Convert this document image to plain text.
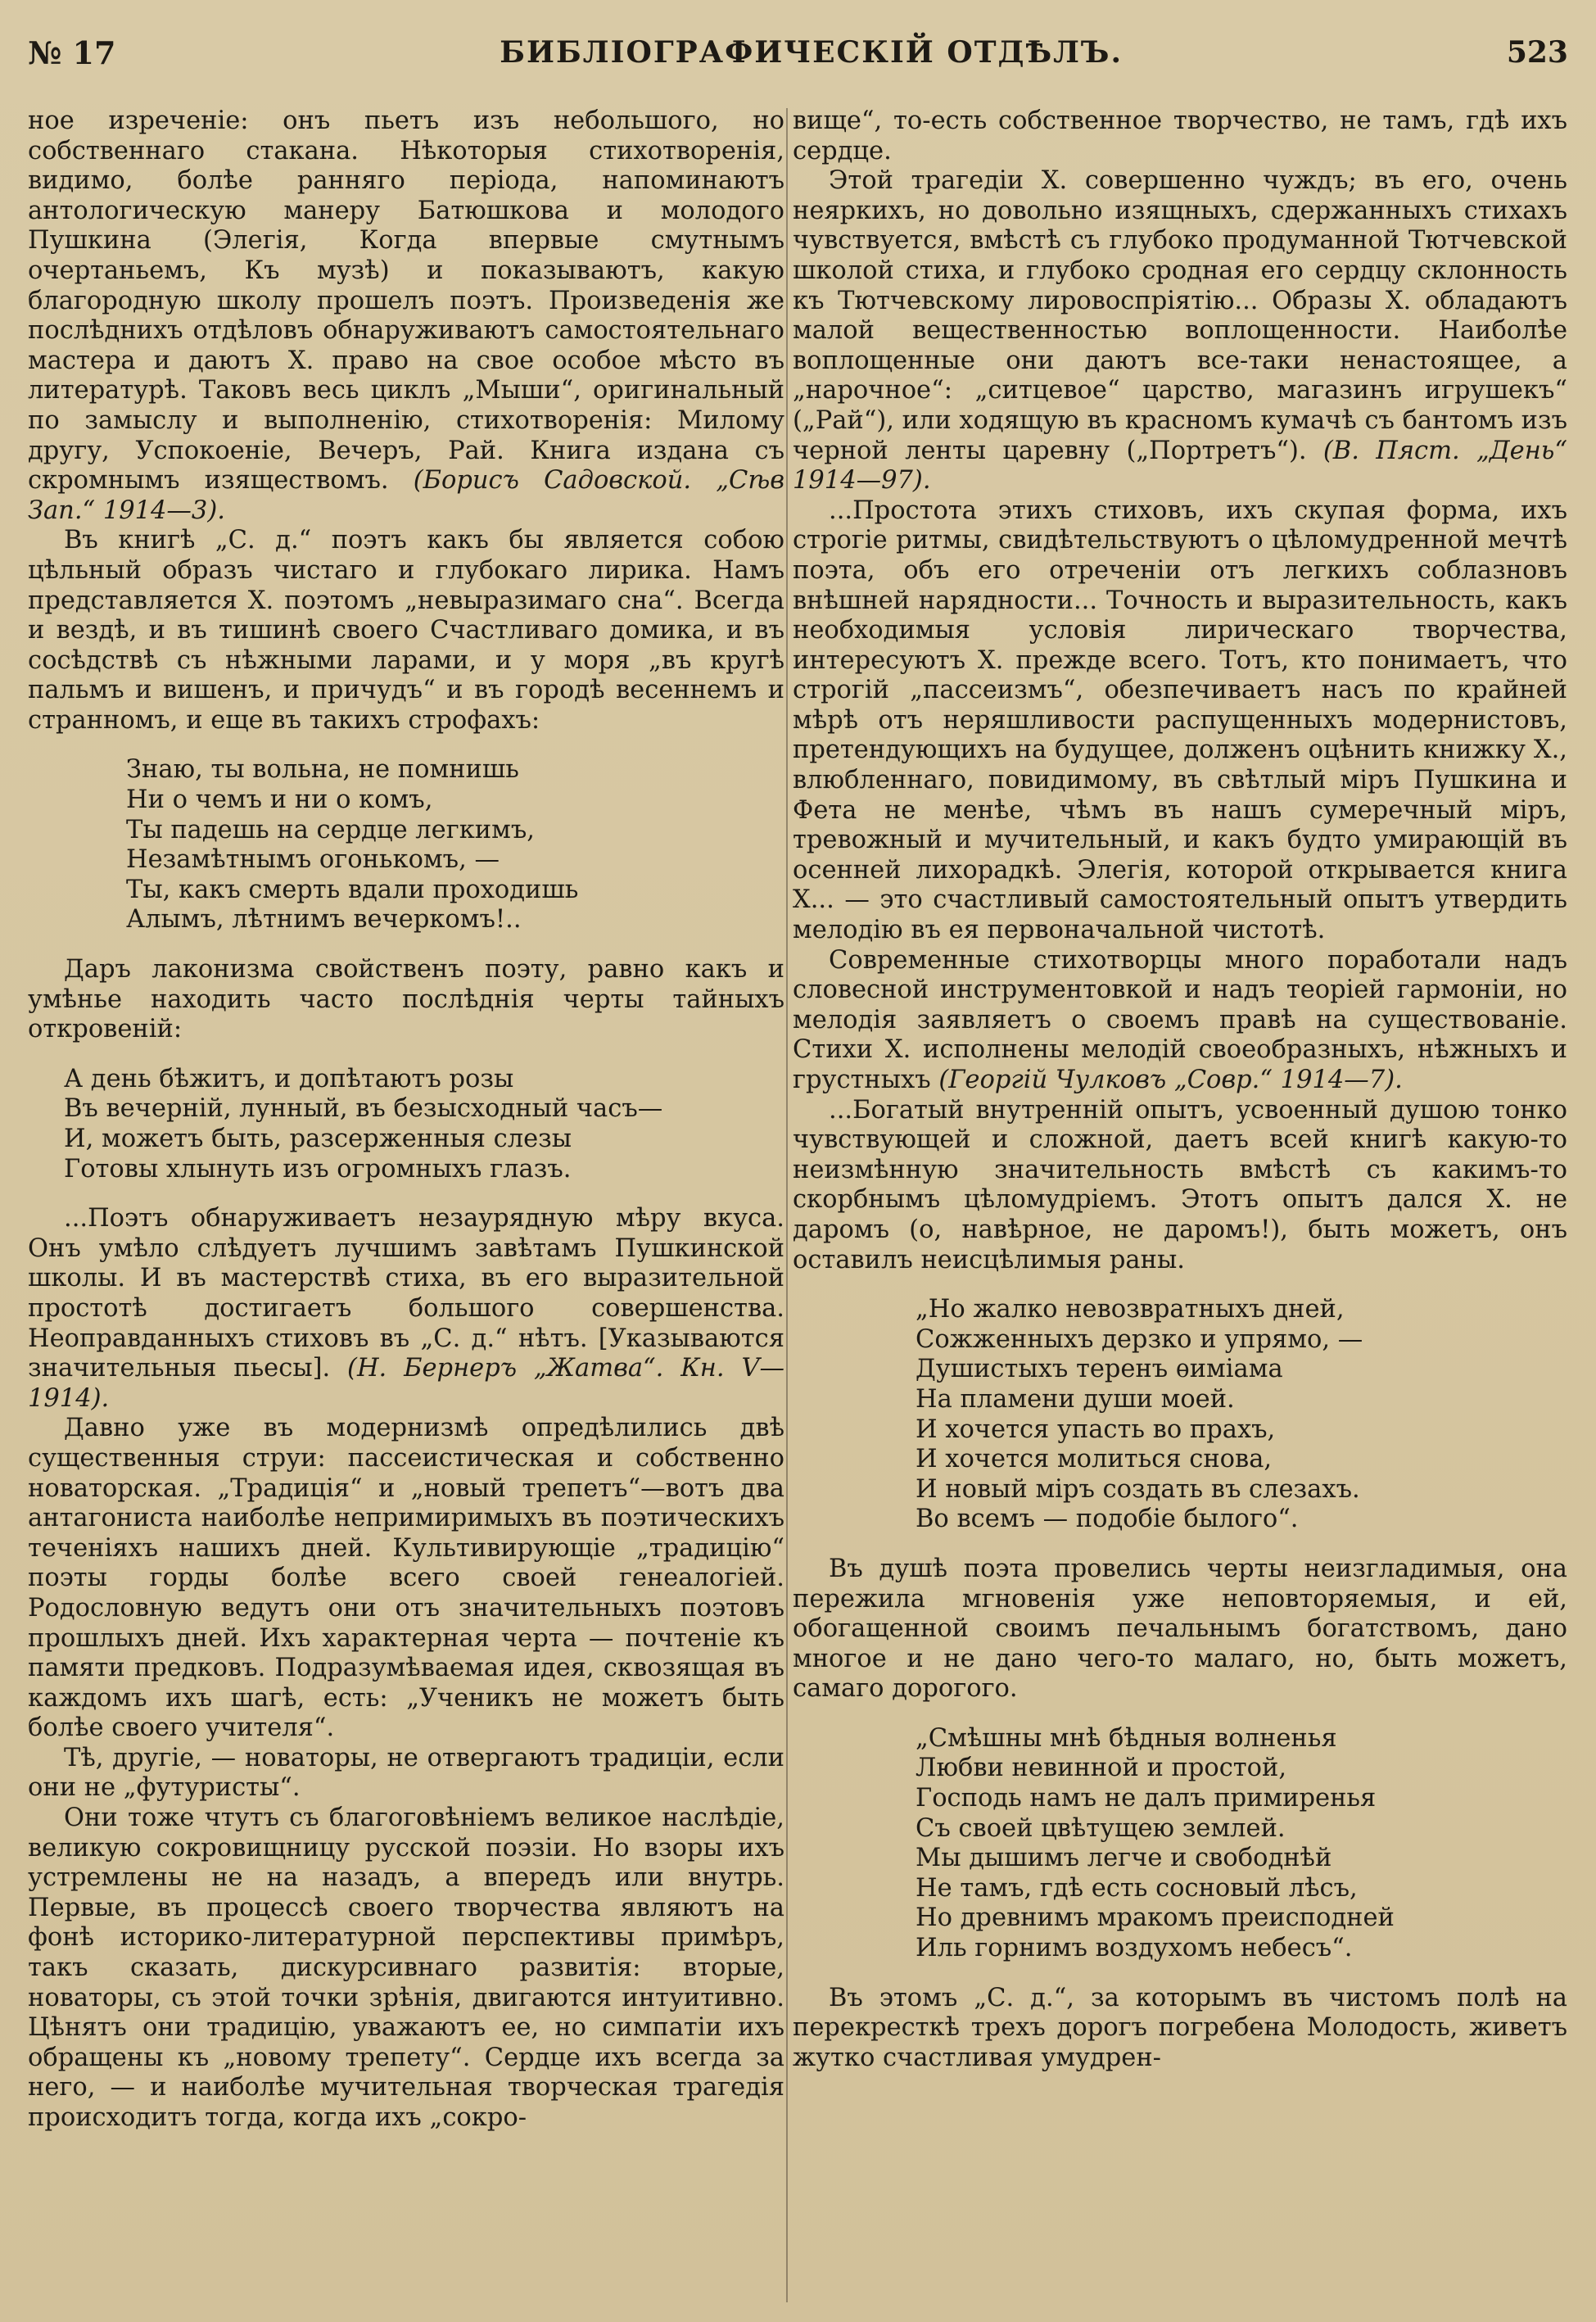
№ 17	БИБЛІОГРАФИЧЕСКІЙ ОТДѢЛЪ.	523

ное изреченіе: онъ пьетъ изъ небольшого, но собственнаго стакана. Нѣкоторыя стихотворенія, видимо, болѣе ранняго періода, напоминаютъ антологическую манеру Батюшкова и молодого Пушкина (Элегія, Когда впервые смутнымъ очертаньемъ, Къ музѣ) и показываютъ, какую благородную школу прошелъ поэтъ. Произведенія же послѣднихъ отдѣловъ обнаруживаютъ самостоятельнаго мастера и даютъ Х. право на свое особое мѣсто въ литературѣ. Таковъ весь циклъ „Мыши“, оригинальный по замыслу и выполненію, стихотворенія: Милому другу, Успокоеніе, Вечеръ, Рай. Книга издана съ скромнымъ изяществомъ. (Борисъ Садовской. „Сѣв Зап.“ 1914—3).

Въ книгѣ „С. д.“ поэтъ какъ бы является собою цѣльный образъ чистаго и глубокаго лирика. Намъ представляется Х. поэтомъ „невыразимаго сна“. Всегда и вездѣ, и въ тишинѣ своего Счастливаго домика, и въ сосѣдствѣ съ нѣжными ларами, и у моря „въ кругѣ пальмъ и вишенъ, и причудъ“ и въ городѣ весеннемъ и странномъ, и еще въ такихъ строфахъ:

Знаю, ты вольна, не помнишь
Ни о чемъ и ни о комъ,
Ты падешь на сердце легкимъ,
Незамѣтнымъ огонькомъ, —
Ты, какъ смерть вдали проходишь
Алымъ, лѣтнимъ вечеркомъ!..

Даръ лаконизма свойственъ поэту, равно какъ и умѣнье находить часто послѣднія черты тайныхъ откровеній:

А день бѣжитъ, и допѣтаютъ розы
Въ вечерній, лунный, въ безысходный часъ—
И, можетъ быть, разсерженныя слезы
Готовы хлынуть изъ огромныхъ глазъ.

...Поэтъ обнаруживаетъ незаурядную мѣру вкуса. Онъ умѣло слѣдуетъ лучшимъ завѣтамъ Пушкинской школы. И въ мастерствѣ стиха, въ его выразительной простотѣ достигаетъ большого совершенства. Неоправданныхъ стиховъ въ „С. д.“ нѣтъ. [Указываются значительныя пьесы]. (Н. Бернеръ „Жатва“. Кн. V—1914).

Давно уже въ модернизмѣ опредѣлились двѣ существенныя струи: пассеистическая и собственно новаторская. „Традиція“ и „новый трепетъ“—вотъ два антагониста наиболѣе непримиримыхъ въ поэтическихъ теченіяхъ нашихъ дней. Культивирующіе „традицію“ поэты горды болѣе всего своей генеалогіей. Родословную ведутъ они отъ значительныхъ поэтовъ прошлыхъ дней. Ихъ характерная черта — почтеніе къ памяти предковъ. Подразумѣваемая идея, сквозящая въ каждомъ ихъ шагѣ, есть: „Ученикъ не можетъ быть болѣе своего учителя“.

Тѣ, другіе, — новаторы, не отвергаютъ традиціи, если они не „футуристы“.

Они тоже чтутъ съ благоговѣніемъ великое наслѣдіе, великую сокровищницу русской поэзіи. Но взоры ихъ устремлены не на назадъ, а впередъ или внутрь. Первые, въ процессѣ своего творчества являютъ на фонѣ историко-литературной перспективы примѣръ, такъ сказать, дискурсивнаго развитія: вторые, новаторы, съ этой точки зрѣнія, двигаются интуитивно. Цѣнятъ они традицію, уважаютъ ее, но симпатіи ихъ обращены къ „новому трепету“. Сердце ихъ всегда за него, — и наиболѣе мучительная творческая трагедія происходитъ тогда, когда ихъ „сокро-

вище“, то-есть собственное творчество, не тамъ, гдѣ ихъ сердце.

Этой трагедіи Х. совершенно чуждъ; въ его, очень неяркихъ, но довольно изящныхъ, сдержанныхъ стихахъ чувствуется, вмѣстѣ съ глубоко продуманной Тютчевской школой стиха, и глубоко сродная его сердцу склонность къ Тютчевскому лировоспріятію... Образы Х. обладаютъ малой вещественностью воплощенности. Наиболѣе воплощенные они даютъ все-таки ненастоящее, а „нарочное“: „ситцевое“ царство, магазинъ игрушекъ“ („Рай“), или ходящую въ красномъ кумачѣ съ бантомъ изъ черной ленты царевну („Портретъ“). (В. Пяст. „День“ 1914—97).

...Простота этихъ стиховъ, ихъ скупая форма, ихъ строгіе ритмы, свидѣтельствуютъ о цѣломудренной мечтѣ поэта, объ его отреченіи отъ легкихъ соблазновъ внѣшней нарядности... Точность и выразительность, какъ необходимыя условія лирическаго творчества, интересуютъ Х. прежде всего. Тотъ, кто понимаетъ, что строгій „пассеизмъ“, обезпечиваетъ насъ по крайней мѣрѣ отъ неряшливости распущенныхъ модернистовъ, претендующихъ на будущее, долженъ оцѣнить книжку Х., влюбленнаго, повидимому, въ свѣтлый міръ Пушкина и Фета не менѣе, чѣмъ въ нашъ сумеречный міръ, тревожный и мучительный, и какъ будто умирающій въ осенней лихорадкѣ. Элегія, которой открывается книга Х... — это счастливый самостоятельный опытъ утвердить мелодію въ ея первоначальной чистотѣ.

Современные стихотворцы много поработали надъ словесной инструментовкой и надъ теоріей гармоніи, но мелодія заявляетъ о своемъ правѣ на существованіе. Стихи Х. исполнены мелодій своеобразныхъ, нѣжныхъ и грустныхъ (Георгій Чулковъ „Совр.“ 1914—7).

...Богатый внутренній опытъ, усвоенный душою тонко чувствующей и сложной, даетъ всей книгѣ какую-то неизмѣнную значительность вмѣстѣ съ какимъ-то скорбнымъ цѣломудріемъ. Этотъ опытъ дался Х. не даромъ (о, навѣрное, не даромъ!), быть можетъ, онъ оставилъ неисцѣлимыя раны.

„Но жалко невозвратныхъ дней,
Сожженныхъ дерзко и упрямо, —
Душистыхъ теренъ ѳиміама
На пламени души моей.
И хочется упасть во прахъ,
И хочется молиться снова,
И новый міръ создать въ слезахъ.
Во всемъ — подобіе былого“.

Въ душѣ поэта провелись черты неизгладимыя, она пережила мгновенія уже неповторяемыя, и ей, обогащенной своимъ печальнымъ богатствомъ, дано многое и не дано чего-то малаго, но, быть можетъ, самаго дорогого.

„Смѣшны мнѣ бѣдныя волненья
Любви невинной и простой,
Господь намъ не далъ примиренья
Съ своей цвѣтущею землей.
Мы дышимъ легче и свободнѣй
Не тамъ, гдѣ есть сосновый лѣсъ,
Но древнимъ мракомъ преисподней
Иль горнимъ воздухомъ небесъ“.

Въ этомъ „С. д.“, за которымъ въ чистомъ полѣ на перекресткѣ трехъ дорогъ погребена Молодость, живетъ жутко счастливая умудрен-
